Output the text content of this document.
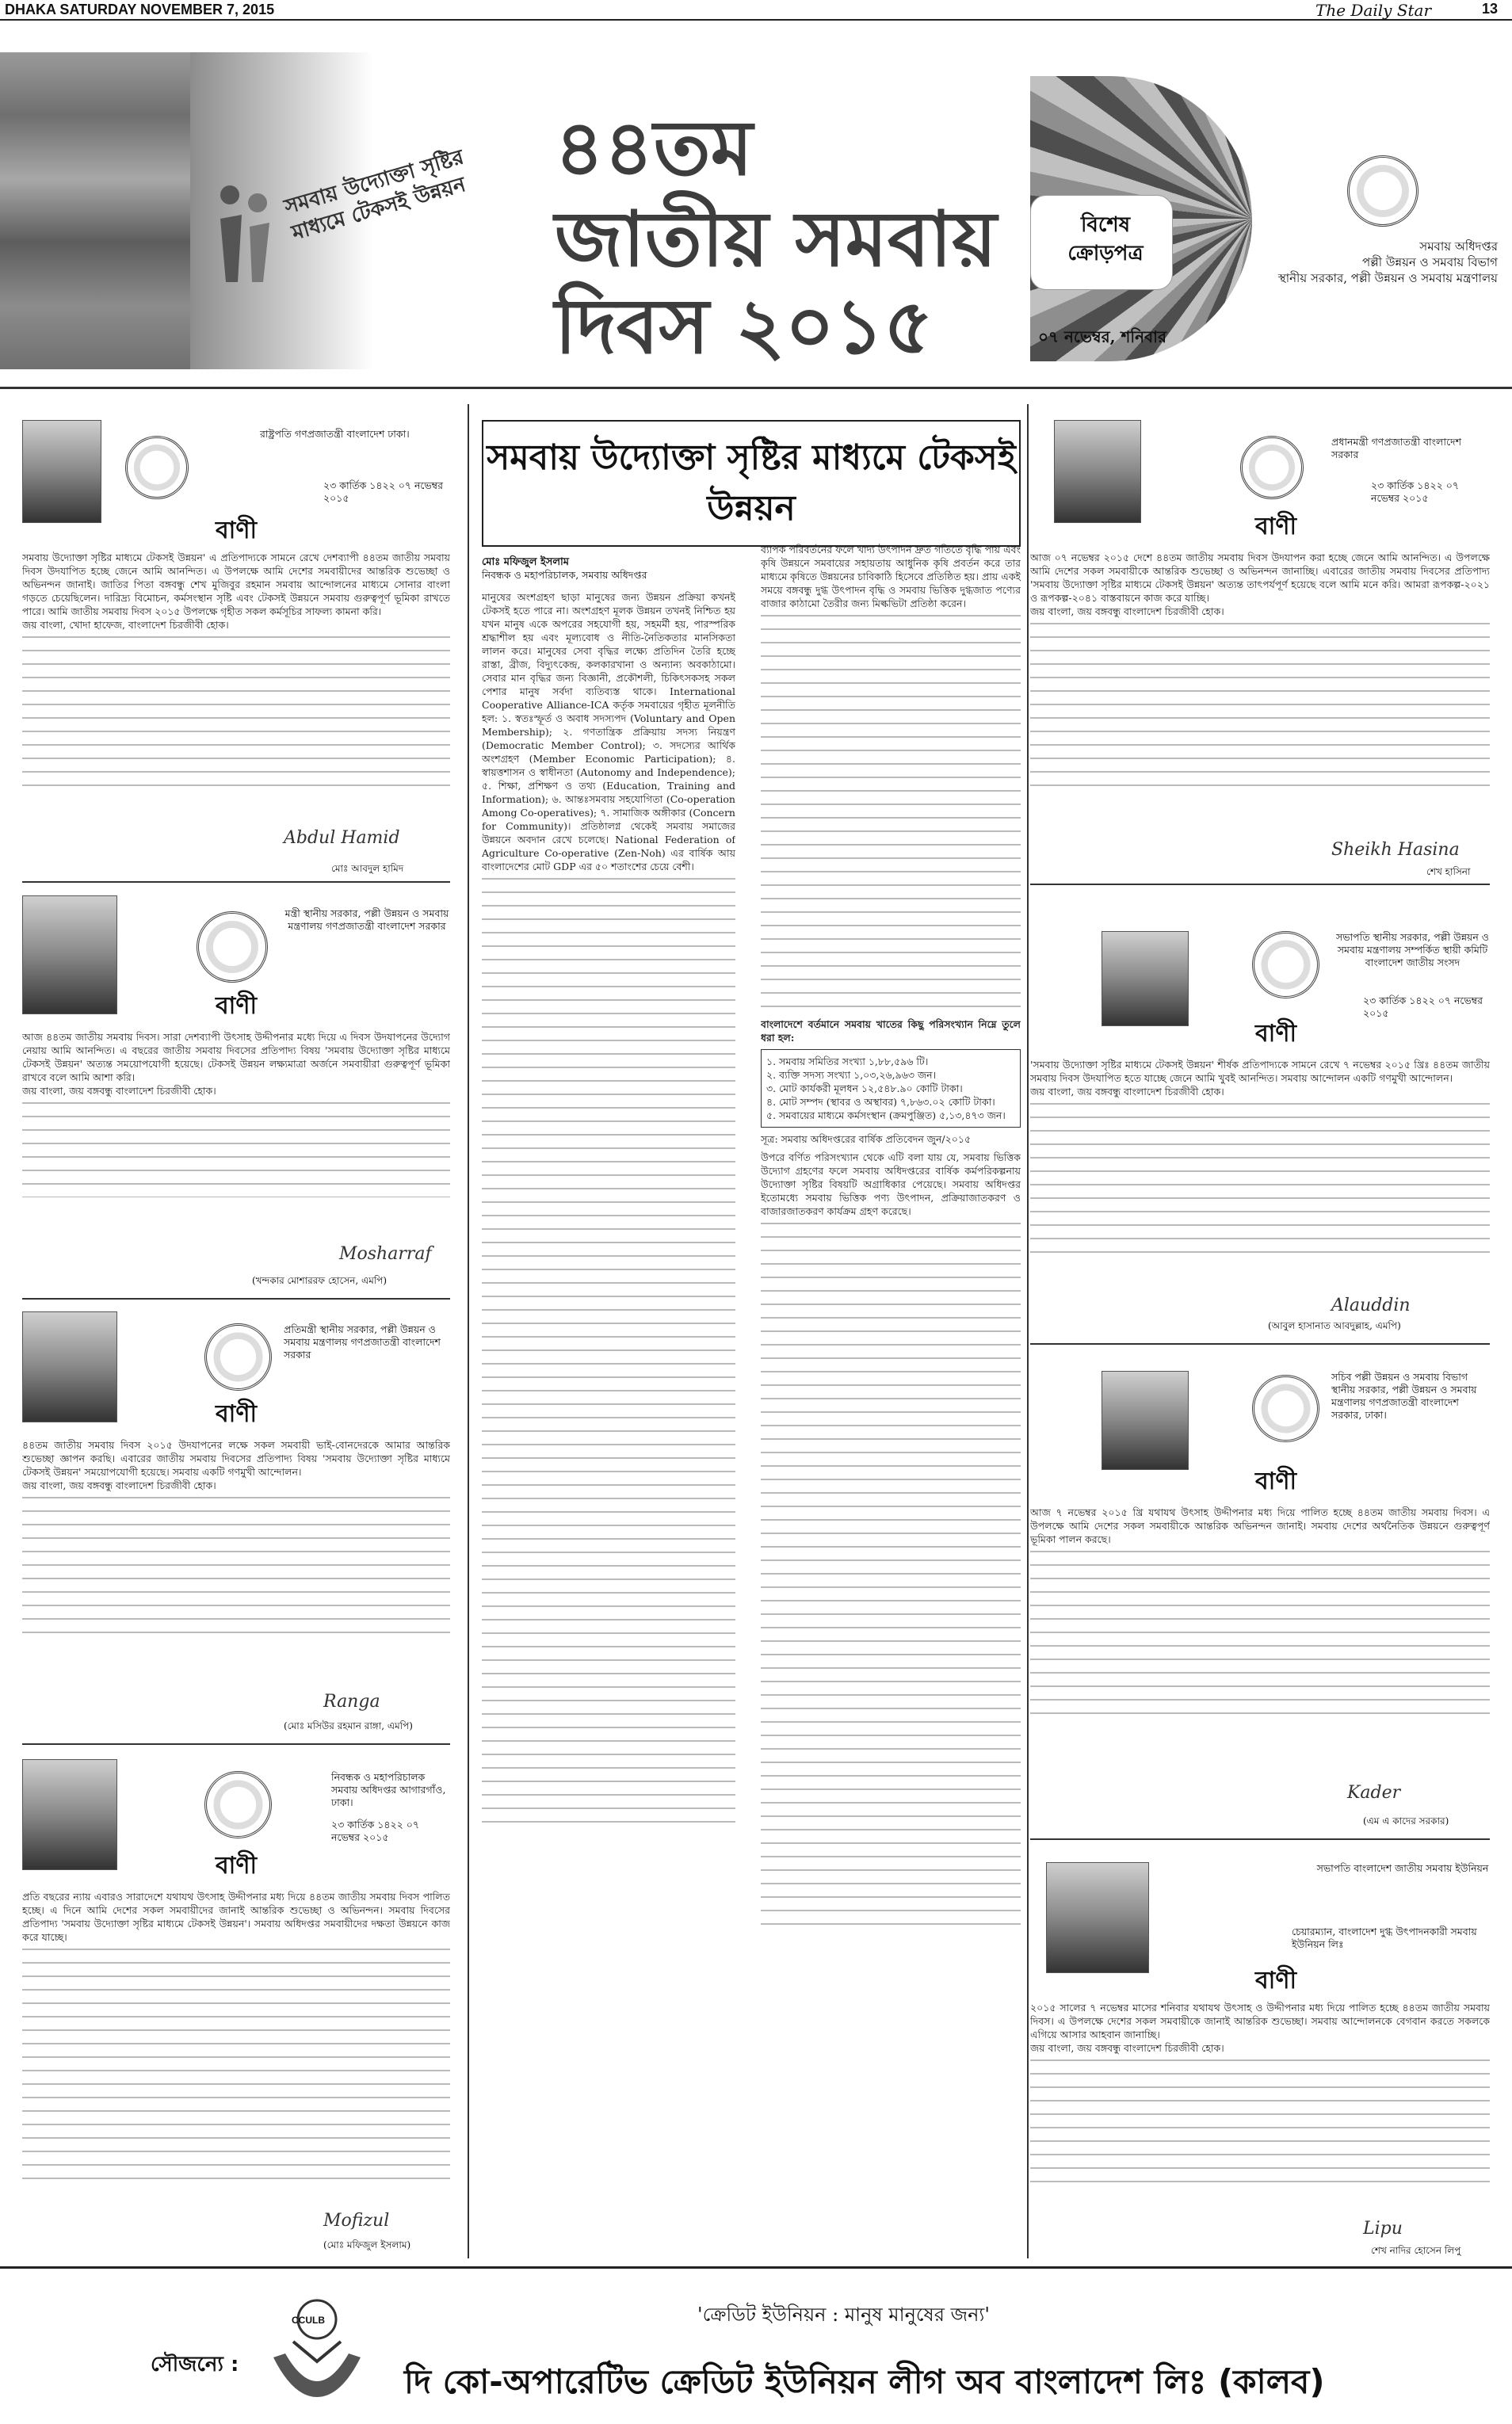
DHAKA SATURDAY NOVEMBER 7, 2015	The Daily Star	13
সমবায় উদ্যোক্তা সৃষ্টির মাধ্যমে টেকসই উন্নয়ন
৪৪তম
জাতীয় সমবায়
দিবস ২০১৫
বিশেষ ক্রোড়পত্র
০৭ নভেম্বর, শনিবার
সমবায় অধিদপ্তর
পল্লী উন্নয়ন ও সমবায় বিভাগ
স্থানীয় সরকার, পল্লী উন্নয়ন ও সমবায় মন্ত্রণালয়
রাষ্ট্রপতি গণপ্রজাতন্ত্রী বাংলাদেশ ঢাকা।
২৩ কার্তিক ১৪২২ ০৭ নভেম্বর ২০১৫
বাণী
সমবায় উদ্যোক্তা সৃষ্টির মাধ্যমে টেকসই উন্নয়ন' এ প্রতিপাদ্যকে সামনে রেখে দেশব্যাপী ৪৪তম জাতীয় সমবায় দিবস উদযাপিত হচ্ছে জেনে আমি আনন্দিত। এ উপলক্ষে আমি দেশের সমবায়ীদের আন্তরিক শুভেচ্ছা ও অভিনন্দন জানাই। জাতির পিতা বঙ্গবন্ধু শেখ মুজিবুর রহমান সমবায় আন্দোলনের মাধ্যমে সোনার বাংলা গড়তে চেয়েছিলেন। দারিদ্র্য বিমোচন, কর্মসংস্থান সৃষ্টি এবং টেকসই উন্নয়নে সমবায় গুরুত্বপূর্ণ ভূমিকা রাখতে পারে। আমি জাতীয় সমবায় দিবস ২০১৫ উপলক্ষে গৃহীত সকল কর্মসূচির সাফল্য কামনা করি।
জয় বাংলা, খোদা হাফেজ, বাংলাদেশ চিরজীবী হোক।
Abdul Hamid
মোঃ আবদুল হামিদ
মন্ত্রী স্থানীয় সরকার, পল্লী উন্নয়ন ও সমবায় মন্ত্রণালয় গণপ্রজাতন্ত্রী বাংলাদেশ সরকার
বাণী
আজ ৪৪তম জাতীয় সমবায় দিবস। সারা দেশব্যাপী উৎসাহ উদ্দীপনার মধ্যে দিয়ে এ দিবস উদযাপনের উদ্যোগ নেয়ায় আমি আনন্দিত। এ বছরের জাতীয় সমবায় দিবসের প্রতিপাদ্য বিষয় 'সমবায় উদ্যোক্তা সৃষ্টির মাধ্যমে টেকসই উন্নয়ন' অত্যন্ত সময়োপযোগী হয়েছে। টেকসই উন্নয়ন লক্ষ্যমাত্রা অর্জনে সমবায়ীরা গুরুত্বপূর্ণ ভূমিকা রাখবে বলে আমি আশা করি।
জয় বাংলা, জয় বঙ্গবন্ধু বাংলাদেশ চিরজীবী হোক।
Mosharraf
(খন্দকার মোশাররফ হোসেন, এমপি)
প্রতিমন্ত্রী স্থানীয় সরকার, পল্লী উন্নয়ন ও সমবায় মন্ত্রণালয় গণপ্রজাতন্ত্রী বাংলাদেশ সরকার
বাণী
৪৪তম জাতীয় সমবায় দিবস ২০১৫ উদযাপনের লক্ষে সকল সমবায়ী ভাই-বোনদেরকে আমার আন্তরিক শুভেচ্ছা জ্ঞাপন করছি। এবারের জাতীয় সমবায় দিবসের প্রতিপাদ্য বিষয় 'সমবায় উদ্যোক্তা সৃষ্টির মাধ্যমে টেকসই উন্নয়ন' সময়োপযোগী হয়েছে। সমবায় একটি গণমুখী আন্দোলন।
জয় বাংলা, জয় বঙ্গবন্ধু বাংলাদেশ চিরজীবী হোক।
Ranga
(মোঃ মসিউর রহমান রাঙ্গা, এমপি)
নিবন্ধক ও মহাপরিচালক সমবায় অধিদপ্তর আগারগাঁও, ঢাকা।
২৩ কার্তিক ১৪২২ ০৭ নভেম্বর ২০১৫
বাণী
প্রতি বছরের ন্যায় এবারও সারাদেশে যথাযথ উৎসাহ উদ্দীপনার মধ্য দিয়ে ৪৪তম জাতীয় সমবায় দিবস পালিত হচ্ছে। এ দিনে আমি দেশের সকল সমবায়ীদের জানাই আন্তরিক শুভেচ্ছা ও অভিনন্দন। সমবায় দিবসের প্রতিপাদ্য 'সমবায় উদ্যোক্তা সৃষ্টির মাধ্যমে টেকসই উন্নয়ন'। সমবায় অধিদপ্তর সমবায়ীদের দক্ষতা উন্নয়নে কাজ করে যাচ্ছে।
Mofizul
(মোঃ মফিজুল ইসলাম)
সমবায় উদ্যোক্তা সৃষ্টির মাধ্যমে টেকসই উন্নয়ন
মোঃ মফিজুল ইসলাম
নিবন্ধক ও মহাপরিচালক, সমবায় অধিদপ্তর
মানুষের অংশগ্রহণ ছাড়া মানুষের জন্য উন্নয়ন প্রক্রিয়া কখনই টেকসই হতে পারে না। অংশগ্রহণ মূলক উন্নয়ন তখনই নিশ্চিত হয় যখন মানুষ একে অপরের সহযোগী হয়, সহমর্মী হয়, পারস্পরিক শ্রদ্ধাশীল হয় এবং মূল্যবোধ ও নীতি-নৈতিকতার মানসিকতা লালন করে। মানুষের সেবা বৃদ্ধির লক্ষ্যে প্রতিদিন তৈরি হচ্ছে রাস্তা, ব্রীজ, বিদ্যুৎকেন্দ্র, কলকারখানা ও অন্যান্য অবকাঠামো। সেবার মান বৃদ্ধির জন্য বিজ্ঞানী, প্রকৌশলী, চিকিৎসকসহ সকল পেশার মানুষ সর্বদা ব্যতিব্যস্ত থাকে। International Cooperative Alliance-ICA কর্তৃক সমবায়ের গৃহীত মূলনীতি হল: ১. স্বতঃস্ফূর্ত ও অবাধ সদস্যপদ (Voluntary and Open Membership); ২. গণতান্ত্রিক প্রক্রিয়ায় সদস্য নিয়ন্ত্রণ (Democratic Member Control); ৩. সদস্যের আর্থিক অংশগ্রহণ (Member Economic Participation); ৪. স্বায়ত্তশাসন ও স্বাধীনতা (Autonomy and Independence); ৫. শিক্ষা, প্রশিক্ষণ ও তথ্য (Education, Training and Information); ৬. আন্তঃসমবায় সহযোগিতা (Co-operation Among Co-operatives); ৭. সামাজিক অঙ্গীকার (Concern for Community)। প্রতিষ্ঠালগ্ন থেকেই সমবায় সমাজের উন্নয়নে অবদান রেখে চলেছে। National Federation of Agriculture Co-operative (Zen-Noh) এর বার্ষিক আয় বাংলাদেশের মোট GDP এর ৫০ শতাংশের চেয়ে বেশী।
ব্যাপক পরিবর্তনের ফলে খাদ্য উৎপাদন দ্রুত গতিতে বৃদ্ধি পায় এবং কৃষি উন্নয়নে সমবায়ের সহায়তায় আধুনিক কৃষি প্রবর্তন করে তার মাধ্যমে কৃষিতে উন্নয়নের চাবিকাঠি হিসেবে প্রতিষ্ঠিত হয়। প্রায় একই সময়ে বঙ্গবন্ধু দুগ্ধ উৎপাদন বৃদ্ধি ও সমবায় ভিত্তিক দুগ্ধজাত পণ্যের বাজার কাঠামো তৈরীর জন্য মিল্কভিটা প্রতিষ্ঠা করেন।
বাংলাদেশে বর্তমানে সমবায় খাতের কিছু পরিসংখ্যান নিম্নে তুলে ধরা হল:
১. সমবায় সমিতির সংখ্যা ১,৮৮,৫৯৬ টি।
২. ব্যক্তি সদস্য সংখ্যা ১,০৩,২৬,৯৬৩ জন।
৩. মোট কার্যকরী মূলধন ১২,৫৪৮.৯০ কোটি টাকা।
৪. মোট সম্পদ (স্থাবর ও অস্থাবর) ৭,৮৬৩.০২ কোটি টাকা।
৫. সমবায়ের মাধ্যমে কর্মসংস্থান (ক্রমপুঞ্জিত) ৫,১৩,৪৭৩ জন।
সূত্র: সমবায় অধিদপ্তরের বার্ষিক প্রতিবেদন জুন/২০১৫
উপরে বর্ণিত পরিসংখ্যান থেকে এটি বলা যায় যে, সমবায় ভিত্তিক উদ্যোগ গ্রহণের ফলে সমবায় অধিদপ্তরের বার্ষিক কর্মপরিকল্পনায় উদ্যোক্তা সৃষ্টির বিষয়টি অগ্রাধিকার পেয়েছে। সমবায় অধিদপ্তর ইতোমধ্যে সমবায় ভিত্তিক পণ্য উৎপাদন, প্রক্রিয়াজাতকরণ ও বাজারজাতকরণ কার্যক্রম গ্রহণ করেছে।
প্রধানমন্ত্রী গণপ্রজাতন্ত্রী বাংলাদেশ সরকার
২৩ কার্তিক ১৪২২ ০৭ নভেম্বর ২০১৫
বাণী
আজ ০৭ নভেম্বর ২০১৫ দেশে ৪৪তম জাতীয় সমবায় দিবস উদযাপন করা হচ্ছে জেনে আমি আনন্দিত। এ উপলক্ষে আমি দেশের সকল সমবায়ীকে আন্তরিক শুভেচ্ছা ও অভিনন্দন জানাচ্ছি। এবারের জাতীয় সমবায় দিবসের প্রতিপাদ্য 'সমবায় উদ্যোক্তা সৃষ্টির মাধ্যমে টেকসই উন্নয়ন' অত্যন্ত তাৎপর্যপূর্ণ হয়েছে বলে আমি মনে করি। আমরা রূপকল্প-২০২১ ও রূপকল্প-২০৪১ বাস্তবায়নে কাজ করে যাচ্ছি।
জয় বাংলা, জয় বঙ্গবন্ধু বাংলাদেশ চিরজীবী হোক।
Sheikh Hasina
শেখ হাসিনা
সভাপতি স্থানীয় সরকার, পল্লী উন্নয়ন ও সমবায় মন্ত্রণালয় সম্পর্কিত স্থায়ী কমিটি বাংলাদেশ জাতীয় সংসদ
২৩ কার্তিক ১৪২২ ০৭ নভেম্বর ২০১৫
বাণী
'সমবায় উদ্যোক্তা সৃষ্টির মাধ্যমে টেকসই উন্নয়ন' শীর্ষক প্রতিপাদ্যকে সামনে রেখে ৭ নভেম্বর ২০১৫ খ্রিঃ ৪৪তম জাতীয় সমবায় দিবস উদযাপিত হতে যাচ্ছে জেনে আমি খুবই আনন্দিত। সমবায় আন্দোলন একটি গণমুখী আন্দোলন।
জয় বাংলা, জয় বঙ্গবন্ধু বাংলাদেশ চিরজীবী হোক।
Alauddin
(আবুল হাসানাত আবদুল্লাহ, এমপি)
সচিব পল্লী উন্নয়ন ও সমবায় বিভাগ স্থানীয় সরকার, পল্লী উন্নয়ন ও সমবায় মন্ত্রণালয় গণপ্রজাতন্ত্রী বাংলাদেশ সরকার, ঢাকা।
বাণী
আজ ৭ নভেম্বর ২০১৫ খ্রি যথাযথ উৎসাহ উদ্দীপনার মধ্য দিয়ে পালিত হচ্ছে ৪৪তম জাতীয় সমবায় দিবস। এ উপলক্ষে আমি দেশের সকল সমবায়ীকে আন্তরিক অভিনন্দন জানাই। সমবায় দেশের অর্থনৈতিক উন্নয়নে গুরুত্বপূর্ণ ভূমিকা পালন করছে।
Kader
(এম এ কাদের সরকার)
সভাপতি বাংলাদেশ জাতীয় সমবায় ইউনিয়ন
চেয়ারম্যান, বাংলাদেশ দুগ্ধ উৎপাদনকারী সমবায় ইউনিয়ন লিঃ
বাণী
২০১৫ সালের ৭ নভেম্বর মাসের শনিবার যথাযথ উৎসাহ ও উদ্দীপনার মধ্য দিয়ে পালিত হচ্ছে ৪৪তম জাতীয় সমবায় দিবস। এ উপলক্ষে দেশের সকল সমবায়ীকে জানাই আন্তরিক শুভেচ্ছা। সমবায় আন্দোলনকে বেগবান করতে সকলকে এগিয়ে আসার আহবান জানাচ্ছি।
জয় বাংলা, জয় বঙ্গবন্ধু বাংলাদেশ চিরজীবী হোক।
Lipu
শেখ নাদির হোসেন লিপু
সৌজন্যে :
CCULB	'ক্রেডিট ইউনিয়ন : মানুষ মানুষের জন্য'
দি কো-অপারেটিভ ক্রেডিট ইউনিয়ন লীগ অব বাংলাদেশ লিঃ (কালব)
